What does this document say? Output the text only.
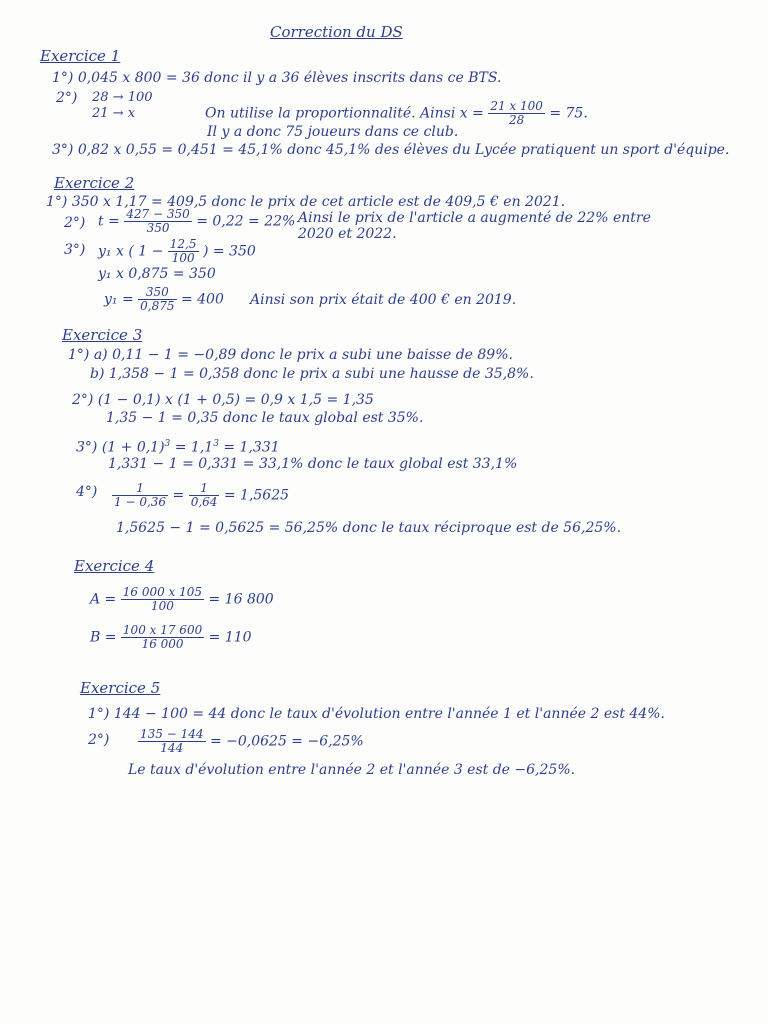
Correction du DS
Exercice 1
1°) 0,045 x 800 = 36 donc il y a 36 élèves inscrits dans ce BTS.
2°) 28 → 100
21 → x	On utilise la proportionnalité. Ainsi $x = \frac{21 x 100}{28} = 75$.
Il y a donc 75 joueurs dans ce club.
3°) 0,82 x 0,55 = 0,451 = 45,1% donc 45,1% des élèves du Lycée pratiquent un sport d'équipe.
Exercice 2
1°) 350 x 1,17 = 409,5 donc le prix de cet article est de 409,5 € en 2021.
2°) $t = \frac{427 - 350}{350} = 0,22 = 22\%$ Ainsi le prix de l'article a augmenté de 22% entre
2020 et 2022.
3°) y₁ x ( $1 - \frac{12,5}{100}$ ) = 350
y₁ x 0,875 = 350
$y_1 = \frac{350}{0,875} = 400$ Ainsi son prix était de 400 € en 2019.
Exercice 3
1°) a) 0,11 − 1 = −0,89 donc le prix a subi une baisse de 89%.
b) 1,358 − 1 = 0,358 donc le prix a subi une hausse de 35,8%.
2°) (1 − 0,1) x (1 + 0,5) = 0,9 x 1,5 = 1,35
1,35 − 1 = 0,35 donc le taux global est 35%.
3°) $(1 + 0,1)^3 = 1,1^3 = 1,331$
1,331 − 1 = 0,331 = 33,1% donc le taux global est 33,1%
$4^\circ) \frac{1}{1 - 0,36} = \frac{1}{0,64} = 1,5625$
1,5625 − 1 = 0,5625 = 56,25% donc le taux réciproque est de 56,25%.
Exercice 4
$A = \frac{16 000 x 105}{100} = 16$ 800
$B = \frac{100 x 17 600}{16 000} = 110$
Exercice 5
1°) 144 − 100 = 44 donc le taux d'évolution entre l'année 1 et l'année 2 est 44%.
$2^\circ) \frac{135 - 144}{144} = -0,0625 = -6,25\%$
Le taux d'évolution entre l'année 2 et l'année 3 est de −6,25%.
